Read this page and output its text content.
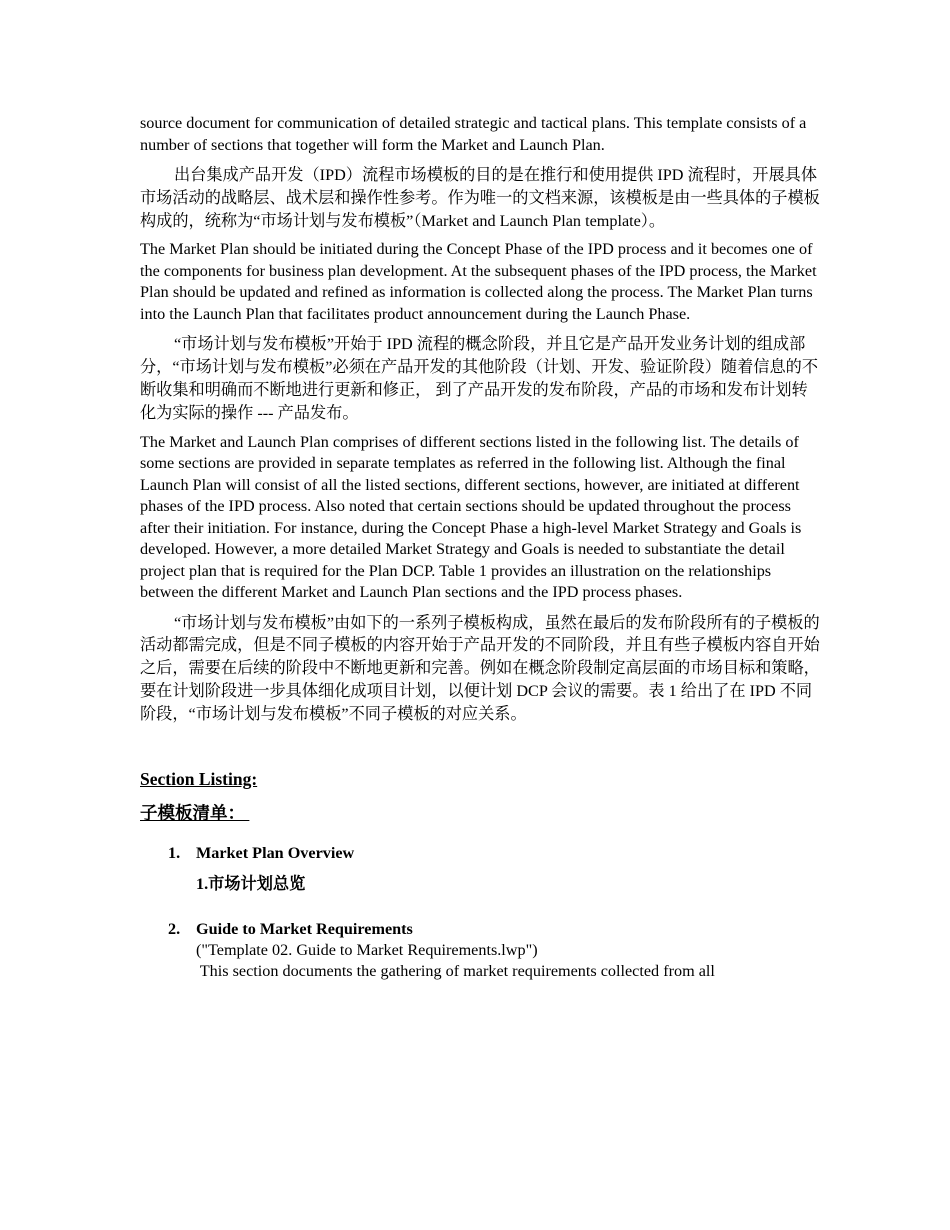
source document for communication of detailed strategic and tactical plans. This template consists of a number of sections that together will form the Market and Launch Plan.

出台集成产品开发（IPD）流程市场模板的目的是在推行和使用提供 IPD 流程时，开展具体市场活动的战略层、战术层和操作性参考。作为唯一的文档来源，该模板是由一些具体的子模板构成的，统称为“市场计划与发布模板”（Market and Launch Plan template）。

The Market Plan should be initiated during the Concept Phase of the IPD process and it becomes one of the components for business plan development. At the subsequent phases of the IPD process, the Market Plan should be updated and refined as information is collected along the process. The Market Plan turns into the Launch Plan that facilitates product announcement during the Launch Phase.

“市场计划与发布模板”开始于 IPD 流程的概念阶段，并且它是产品开发业务计划的组成部分，“市场计划与发布模板”必须在产品开发的其他阶段（计划、开发、验证阶段）随着信息的不断收集和明确而不断地进行更新和修正， 到了产品开发的发布阶段，产品的市场和发布计划转化为实际的操作 --- 产品发布。

The Market and Launch Plan comprises of different sections listed in the following list. The details of some sections are provided in separate templates as referred in the following list. Although the final Launch Plan will consist of all the listed sections, different sections, however, are initiated at different phases of the IPD process. Also noted that certain sections should be updated throughout the process after their initiation. For instance, during the Concept Phase a high-level Market Strategy and Goals is developed. However, a more detailed Market Strategy and Goals is needed to substantiate the detail project plan that is required for the Plan DCP. Table 1 provides an illustration on the relationships between the different Market and Launch Plan sections and the IPD process phases.

“市场计划与发布模板”由如下的一系列子模板构成，虽然在最后的发布阶段所有的子模板的活动都需完成，但是不同子模板的内容开始于产品开发的不同阶段，并且有些子模板内容自开始之后，需要在后续的阶段中不断地更新和完善。例如在概念阶段制定高层面的市场目标和策略，要在计划阶段进一步具体细化成项目计划，以便计划 DCP 会议的需要。表 1 给出了在 IPD 不同阶段，“市场计划与发布模板”不同子模板的对应关系。

Section Listing:
子模板清单：
1. Market Plan Overview
1.市场计划总览
2. Guide to Market Requirements
("Template 02. Guide to Market Requirements.lwp")
This section documents the gathering of market requirements collected from all
